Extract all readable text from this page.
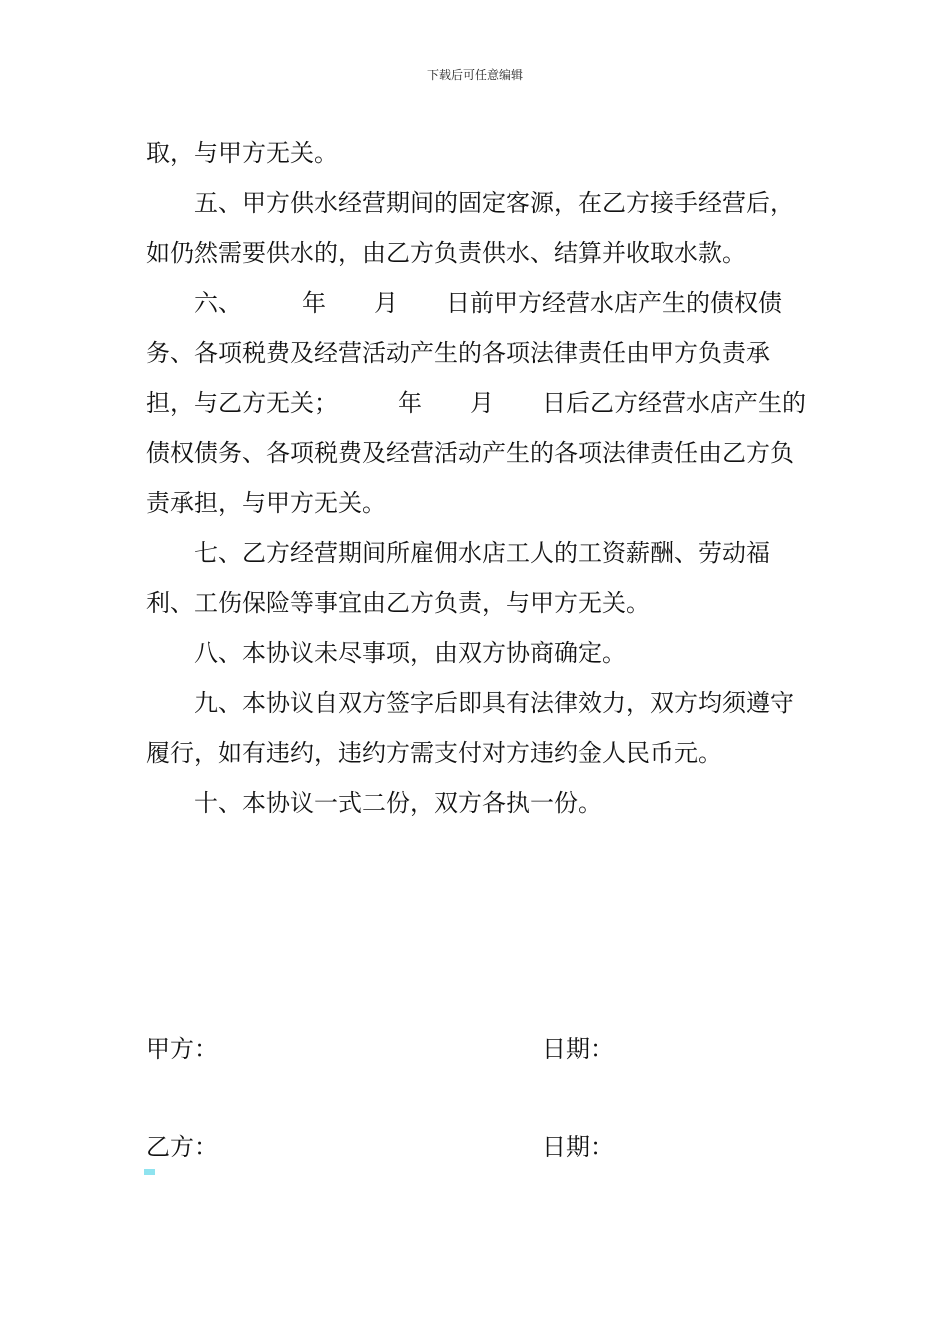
下载后可任意编辑

取，与甲方无关。

五、甲方供水经营期间的固定客源，在乙方接手经营后，如仍然需要供水的，由乙方负责供水、结算并收取水款。

六、　　　年　　月　　日前甲方经营水店产生的债权债务、各项税费及经营活动产生的各项法律责任由甲方负责承担，与乙方无关；　　　年　　月　　日后乙方经营水店产生的债权债务、各项税费及经营活动产生的各项法律责任由乙方负责承担，与甲方无关。

七、乙方经营期间所雇佣水店工人的工资薪酬、劳动福利、工伤保险等事宜由乙方负责，与甲方无关。

八、本协议未尽事项，由双方协商确定。

九、本协议自双方签字后即具有法律效力，双方均须遵守履行，如有违约，违约方需支付对方违约金人民币元。

十、本协议一式二份，双方各执一份。

甲方：	日期：
乙方：	日期：
